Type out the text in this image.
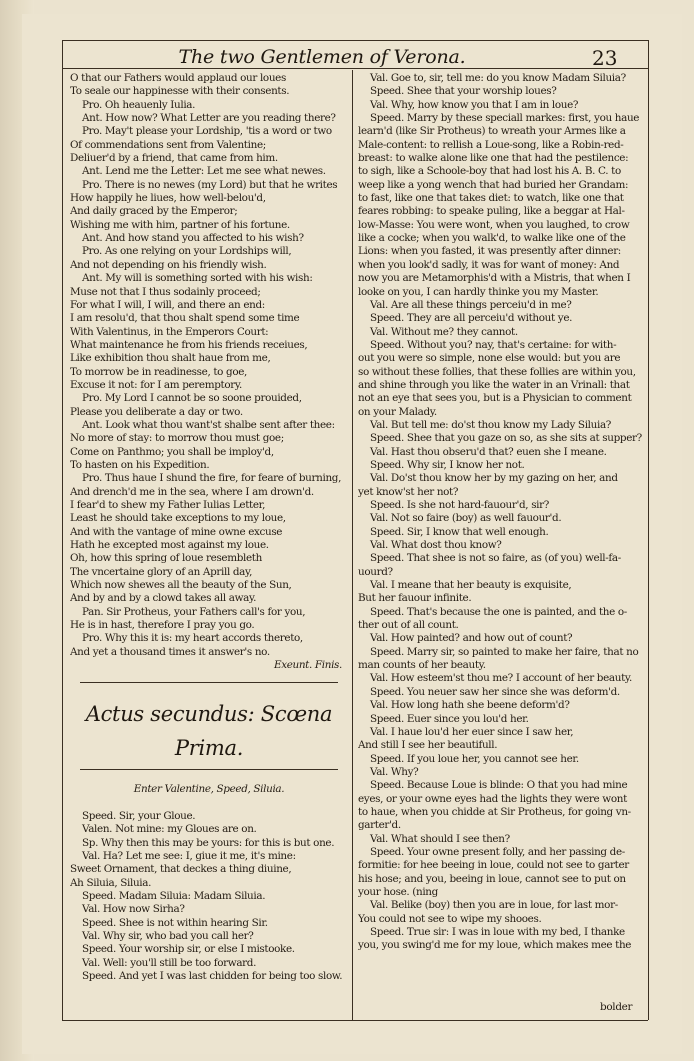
The two Gentlemen of Verona.	23
O that our Fathers would applaud our loues
To seale our happinesse with their consents.
Pro. Oh heauenly Iulia.
Ant. How now? What Letter are you reading there?
Pro. May't please your Lordship, 'tis a word or two
Of commendations sent from Valentine;
Deliuer'd by a friend, that came from him.
Ant. Lend me the Letter: Let me see what newes.
Pro. There is no newes (my Lord) but that he writes
How happily he liues, how well-belou'd,
And daily graced by the Emperor;
Wishing me with him, partner of his fortune.
Ant. And how stand you affected to his wish?
Pro. As one relying on your Lordships will,
And not depending on his friendly wish.
Ant. My will is something sorted with his wish:
Muse not that I thus sodainly proceed;
For what I will, I will, and there an end:
I am resolu'd, that thou shalt spend some time
With Valentinus, in the Emperors Court:
What maintenance he from his friends receiues,
Like exhibition thou shalt haue from me,
To morrow be in readinesse, to goe,
Excuse it not: for I am peremptory.
Pro. My Lord I cannot be so soone prouided,
Please you deliberate a day or two.
Ant. Look what thou want'st shalbe sent after thee:
No more of stay: to morrow thou must goe;
Come on Panthmo; you shall be imploy'd,
To hasten on his Expedition.
Pro. Thus haue I shund the fire, for feare of burning,
And drench'd me in the sea, where I am drown'd.
I fear'd to shew my Father Iulias Letter,
Least he should take exceptions to my loue,
And with the vantage of mine owne excuse
Hath he excepted most against my loue.
Oh, how this spring of loue resembleth
The vncertaine glory of an Aprill day,
Which now shewes all the beauty of the Sun,
And by and by a clowd takes all away.
Pan. Sir Protheus, your Fathers call's for you,
He is in hast, therefore I pray you go.
Pro. Why this it is: my heart accords thereto,
And yet a thousand times it answer's no.
Exeunt. Finis.
Actus secundus: Scœna Prima.
Enter Valentine, Speed, Siluia.
Speed. Sir, your Gloue.
Valen. Not mine: my Gloues are on.
Sp. Why then this may be yours: for this is but one.
Val. Ha? Let me see: I, giue it me, it's mine:
Sweet Ornament, that deckes a thing diuine,
Ah Siluia, Siluia.
Speed. Madam Siluia: Madam Siluia.
Val. How now Sirha?
Speed. Shee is not within hearing Sir.
Val. Why sir, who bad you call her?
Speed. Your worship sir, or else I mistooke.
Val. Well: you'll still be too forward.
Speed. And yet I was last chidden for being too slow.
Val. Goe to, sir, tell me: do you know Madam Siluia?
Speed. Shee that your worship loues?
Val. Why, how know you that I am in loue?
Speed. Marry by these speciall markes: first, you haue
learn'd (like Sir Protheus) to wreath your Armes like a
Male-content: to rellish a Loue-song, like a Robin-red-
breast: to walke alone like one that had the pestilence:
to sigh, like a Schoole-boy that had lost his A. B. C. to
weep like a yong wench that had buried her Grandam:
to fast, like one that takes diet: to watch, like one that
feares robbing: to speake puling, like a beggar at Hal-
low-Masse: You were wont, when you laughed, to crow
like a cocke; when you walk'd, to walke like one of the
Lions: when you fasted, it was presently after dinner:
when you look'd sadly, it was for want of money: And
now you are Metamorphis'd with a Mistris, that when I
looke on you, I can hardly thinke you my Master.
Val. Are all these things perceiu'd in me?
Speed. They are all perceiu'd without ye.
Val. Without me? they cannot.
Speed. Without you? nay, that's certaine: for with-
out you were so simple, none else would: but you are
so without these follies, that these follies are within you,
and shine through you like the water in an Vrinall: that
not an eye that sees you, but is a Physician to comment
on your Malady.
Val. But tell me: do'st thou know my Lady Siluia?
Speed. Shee that you gaze on so, as she sits at supper?
Val. Hast thou obseru'd that? euen she I meane.
Speed. Why sir, I know her not.
Val. Do'st thou know her by my gazing on her, and
yet know'st her not?
Speed. Is she not hard-fauour'd, sir?
Val. Not so faire (boy) as well fauour'd.
Speed. Sir, I know that well enough.
Val. What dost thou know?
Speed. That shee is not so faire, as (of you) well-fa-
uourd?
Val. I meane that her beauty is exquisite,
But her fauour infinite.
Speed. That's because the one is painted, and the o-
ther out of all count.
Val. How painted? and how out of count?
Speed. Marry sir, so painted to make her faire, that no
man counts of her beauty.
Val. How esteem'st thou me? I account of her beauty.
Speed. You neuer saw her since she was deform'd.
Val. How long hath she beene deform'd?
Speed. Euer since you lou'd her.
Val. I haue lou'd her euer since I saw her,
And still I see her beautifull.
Speed. If you loue her, you cannot see her.
Val. Why?
Speed. Because Loue is blinde: O that you had mine
eyes, or your owne eyes had the lights they were wont
to haue, when you chidde at Sir Protheus, for going vn-
garter'd.
Val. What should I see then?
Speed. Your owne present folly, and her passing de-
formitie: for hee beeing in loue, could not see to garter
his hose; and you, beeing in loue, cannot see to put on
your hose. (ning
Val. Belike (boy) then you are in loue, for last mor-
You could not see to wipe my shooes.
Speed. True sir: I was in loue with my bed, I thanke
you, you swing'd me for my loue, which makes mee the
bolder
